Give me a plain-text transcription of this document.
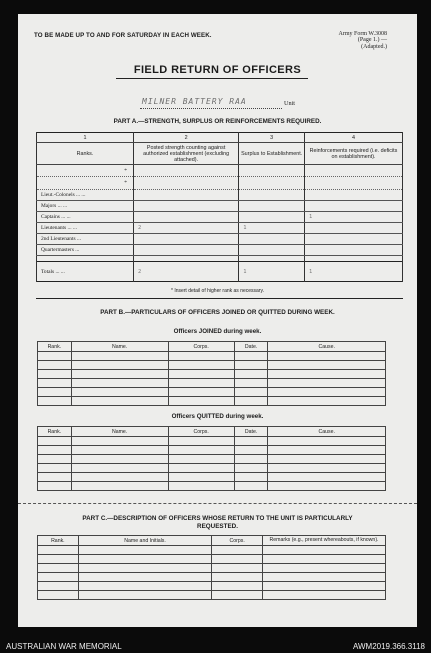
TO BE MADE UP TO AND FOR SATURDAY IN EACH WEEK.	Army Form W.3008
(Page 1.) —
(Adapted.)
FIELD RETURN OF OFFICERS
MILNER BATTERY RAA	Unit
PART A.—STRENGTH, SURPLUS OR REINFORCEMENTS REQUIRED.
1	2	3	4
Ranks.	Posted strength counting against authorized establishment (excluding attached).	Surplus to Establishment.	Reinforcements required (i.e. deficits on establishment).
*			
*			
Lieut.-Colonels ... ...			
Majors ... ...			
Captains ... ...			1
Lieutenants ... ...	2	1	
2nd Lieutenants ...			
Quartermasters ...			

Totals ... ...	2	1	1
* Insert detail of higher rank as necessary.
PART B.—PARTICULARS OF OFFICERS JOINED OR QUITTED DURING WEEK.
Officers JOINED during week.
Rank.	Name.	Corps.	Date.	Cause.

Officers QUITTED during week.
Rank.	Name.	Corps.	Date.	Cause.

PART C.—DESCRIPTION OF OFFICERS WHOSE RETURN TO THE UNIT IS PARTICULARLY
REQUESTED.
Rank.	Name and Initials.	Corps.	Remarks (e.g., present whereabouts, if known).

AUSTRALIAN WAR MEMORIAL	AWM2019.366.3118
